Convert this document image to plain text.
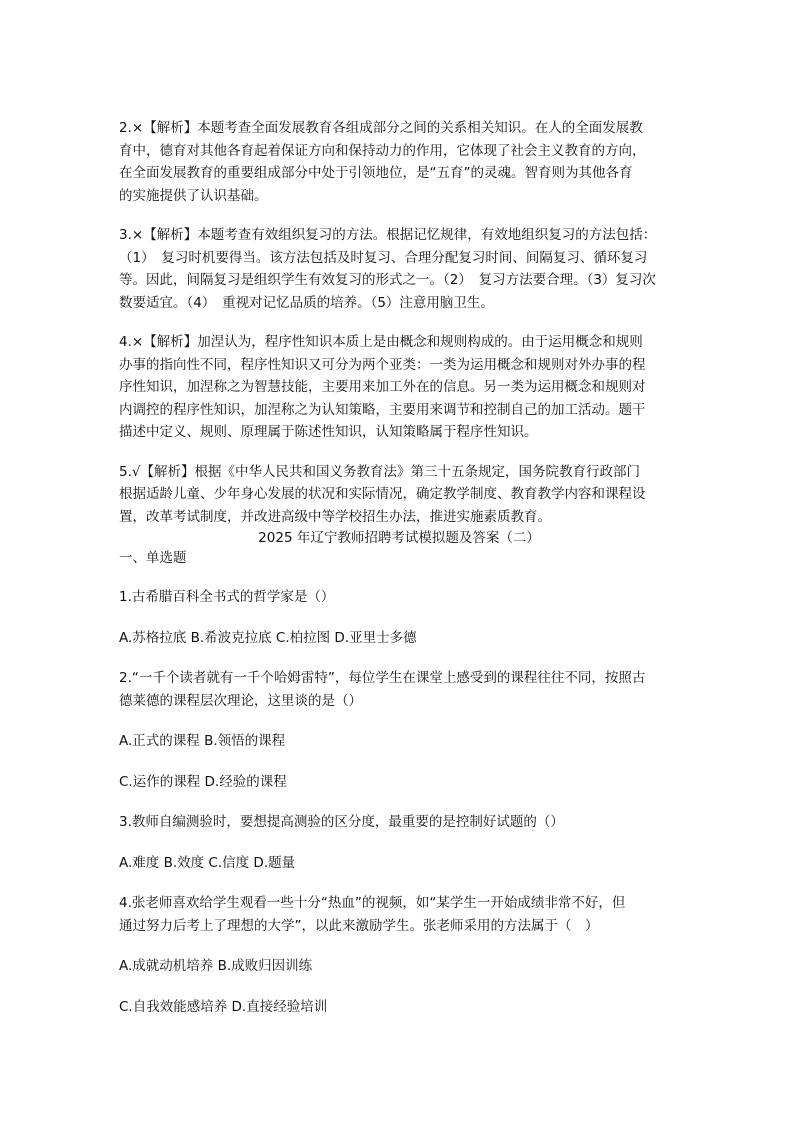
2.×【解析】本题考查全面发展教育各组成部分之间的关系相关知识。在人的全面发展教
育中，德育对其他各育起着保证方向和保持动力的作用，它体现了社会主义教育的方向，
在全面发展教育的重要组成部分中处于引领地位，是“五育”的灵魂。智育则为其他各育
的实施提供了认识基础。

3.×【解析】本题考查有效组织复习的方法。根据记忆规律，有效地组织复习的方法包括：
（1）　复习时机要得当。该方法包括及时复习、合理分配复习时间、间隔复习、循环复习
等。因此，间隔复习是组织学生有效复习的形式之一。（2）　复习方法要合理。（3）复习次
数要适宜。（4）　重视对记忆品质的培养。（5）注意用脑卫生。

4.×【解析】加涅认为，程序性知识本质上是由概念和规则构成的。由于运用概念和规则
办事的指向性不同，程序性知识又可分为两个亚类：一类为运用概念和规则对外办事的程
序性知识，加涅称之为智慧技能，主要用来加工外在的信息。另一类为运用概念和规则对
内调控的程序性知识，加涅称之为认知策略，主要用来调节和控制自己的加工活动。题干
描述中定义、规则、原理属于陈述性知识，认知策略属于程序性知识。

5.√【解析】根据《中华人民共和国义务教育法》第三十五条规定，国务院教育行政部门
根据适龄儿童、少年身心发展的状况和实际情况，确定教学制度、教育教学内容和课程设
置，改革考试制度，并改进高级中等学校招生办法，推进实施素质教育。

2025 年辽宁教师招聘考试模拟题及答案（二）

一、单选题

1.古希腊百科全书式的哲学家是（）

A.苏格拉底 B.希波克拉底 C.柏拉图 D.亚里士多德

2.“一千个读者就有一千个哈姆雷特”，每位学生在课堂上感受到的课程往往不同，按照古
德莱德的课程层次理论，这里谈的是（）

A.正式的课程 B.领悟的课程

C.运作的课程 D.经验的课程

3.教师自编测验时，要想提高测验的区分度，最重要的是控制好试题的（）

A.难度 B.效度 C.信度 D.题量

4.张老师喜欢给学生观看一些十分“热血”的视频，如“某学生一开始成绩非常不好，但
通过努力后考上了理想的大学”，以此来激励学生。张老师采用的方法属于（　）

A.成就动机培养 B.成败归因训练

C.自我效能感培养 D.直接经验培训
